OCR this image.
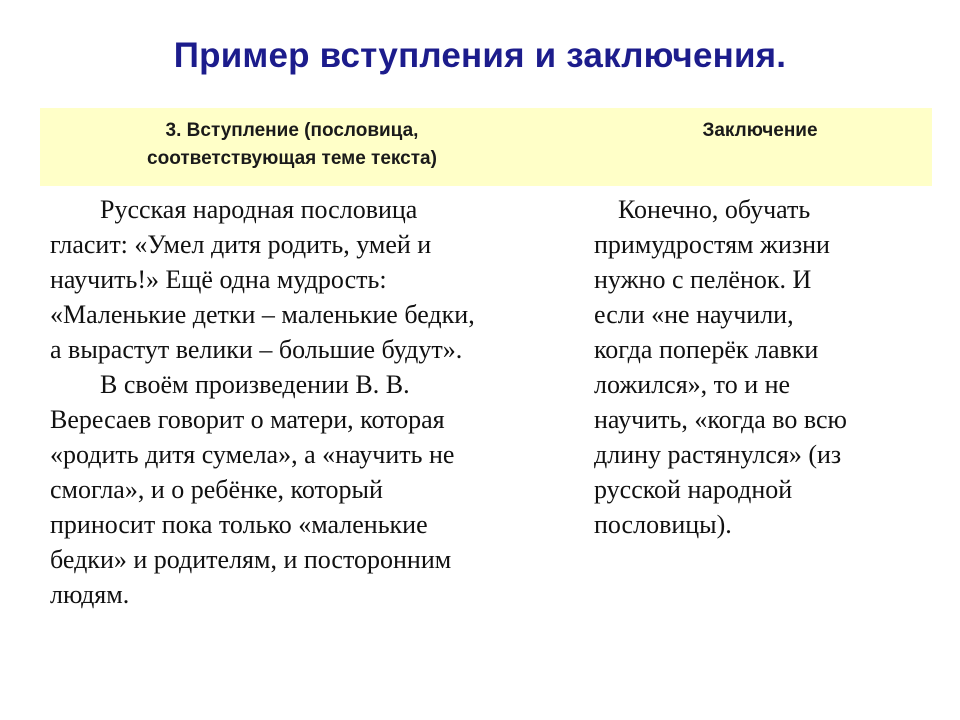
Пример вступления и заключения.
3. Вступление (пословица,
соответствующая теме текста)
Заключение
Русская народная пословица
гласит: «Умел дитя родить, умей и
научить!» Ещё одна мудрость:
«Маленькие детки – маленькие бедки,
а вырастут велики – большие будут».
В своём произведении В. В.
Вересаев говорит о матери, которая
«родить дитя сумела», а «научить не
смогла», и о ребёнке, который
приносит пока только «маленькие
бедки» и родителям, и посторонним
людям.
Конечно, обучать
примудростям жизни
нужно с пелёнок. И
если «не научили,
когда поперёк лавки
ложился», то и не
научить, «когда во всю
длину растянулся» (из
русской народной
пословицы).
